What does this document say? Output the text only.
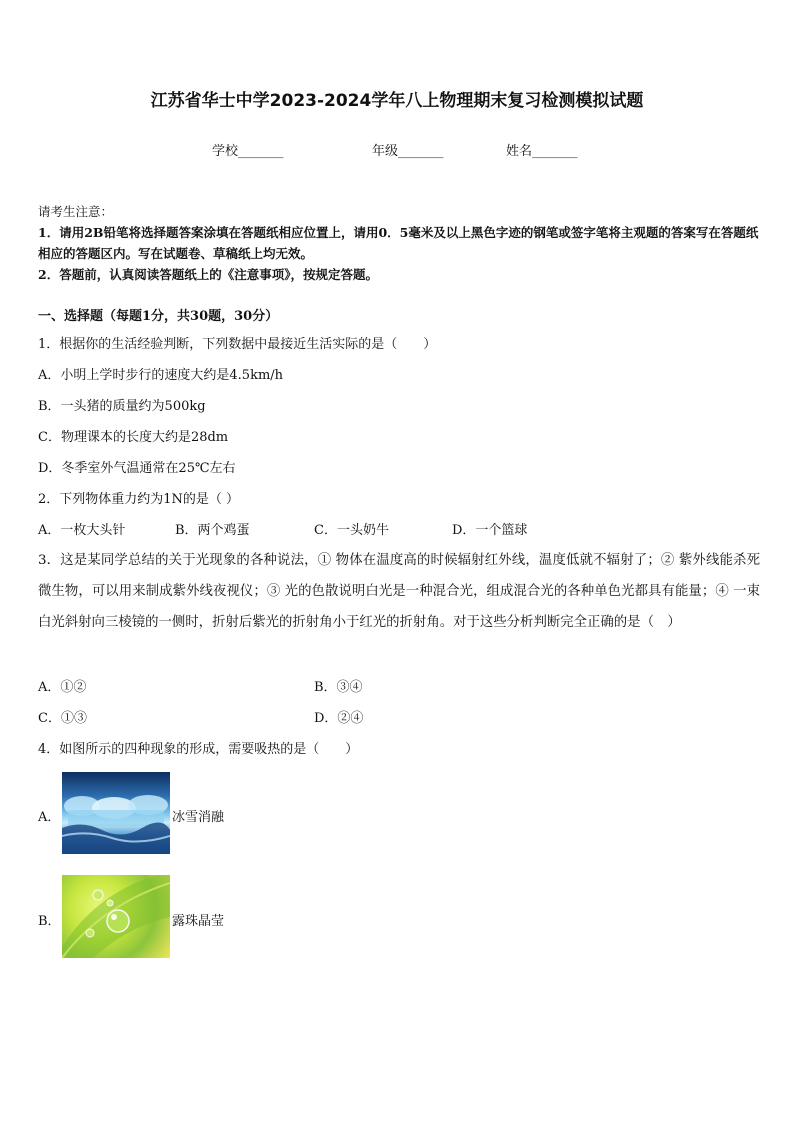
江苏省华士中学2023-2024学年八上物理期末复习检测模拟试题
学校_______	年级_______	姓名_______
请考生注意：
1．请用2B铅笔将选择题答案涂填在答题纸相应位置上，请用0．5毫米及以上黑色字迹的钢笔或签字笔将主观题的答案写在答题纸相应的答题区内。写在试题卷、草稿纸上均无效。
2．答题前，认真阅读答题纸上的《注意事项》，按规定答题。
一、选择题（每题1分，共30题，30分）
1．根据你的生活经验判断，下列数据中最接近生活实际的是（　　）
A．小明上学时步行的速度大约是4.5km/h
B．一头猪的质量约为500kg
C．物理课本的长度大约是28dm
D．冬季室外气温通常在25℃左右
2．下列物体重力约为1N的是（ ）
A．一枚大头针	B．两个鸡蛋	C．一头奶牛	D．一个篮球
3．这是某同学总结的关于光现象的各种说法，① 物体在温度高的时候辐射红外线，温度低就不辐射了；② 紫外线能杀死微生物，可以用来制成紫外线夜视仪；③ 光的色散说明白光是一种混合光，组成混合光的各种单色光都具有能量；④ 一束白光斜射向三棱镜的一侧时，折射后紫光的折射角小于红光的折射角。对于这些分析判断完全正确的是（　）
A．①②	B．③④
C．①③	D．②④
4．如图所示的四种现象的形成，需要吸热的是（　　）
A．	冰雪消融
B．	露珠晶莹
